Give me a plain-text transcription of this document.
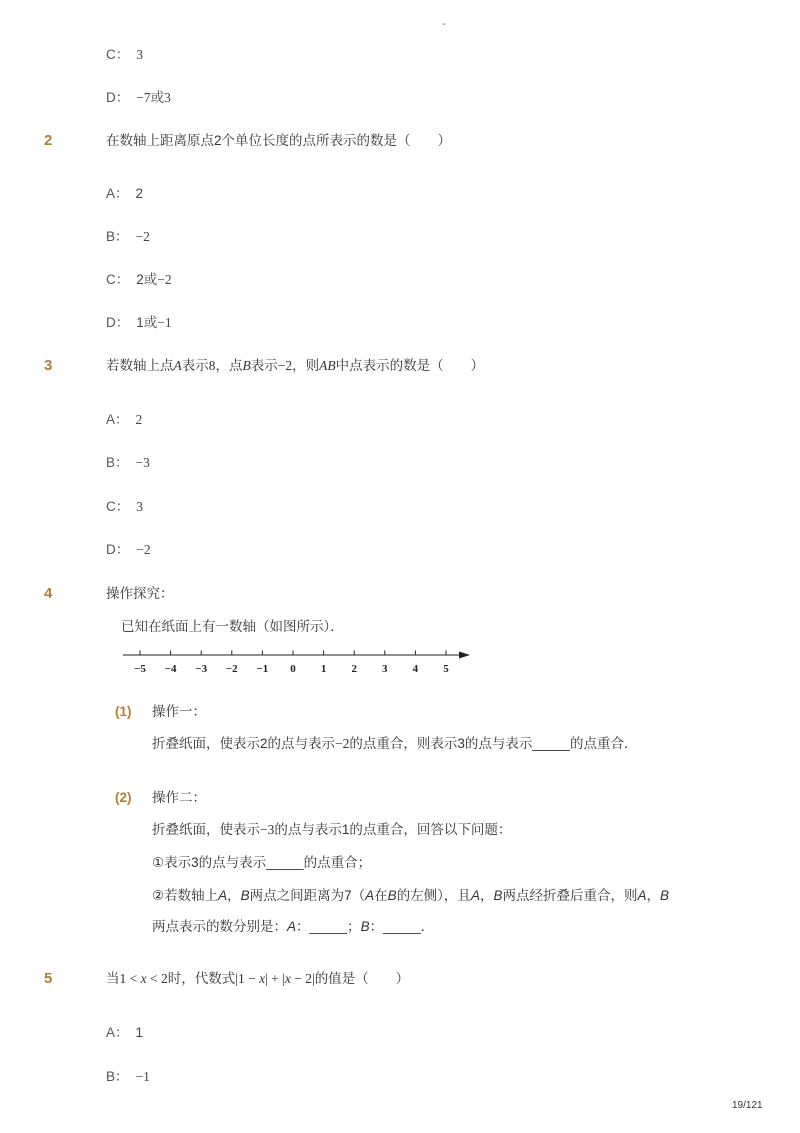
-
C： 3
D： −7或3
2	在数轴上距离原点2个单位长度的点所表示的数是（　　）
A： 2
B： −2
C： 2或−2
D： 1或−1
3	若数轴上点A表示8，点B表示−2，则AB中点表示的数是（　　）
A： 2
B： −3
C： 3
D： −2
4	操作探究：
已知在纸面上有一数轴（如图所示）．
−5 −4 −3 −2 −1 0 1 2 3 4 5
(1) 操作一：
折叠纸面，使表示2的点与表示−2的点重合，则表示3的点与表示_____的点重合．
(2) 操作二：
折叠纸面，使表示−3的点与表示1的点重合，回答以下问题：
①表示3的点与表示_____的点重合；
②若数轴上A，B两点之间距离为7（A在B的左侧），且A，B两点经折叠后重合，则A，B
两点表示的数分别是：A：_____；B：_____．
5	当1 < x < 2时，代数式|1 − x| + |x − 2|的值是（　　）
A： 1
B： −1
19/121
